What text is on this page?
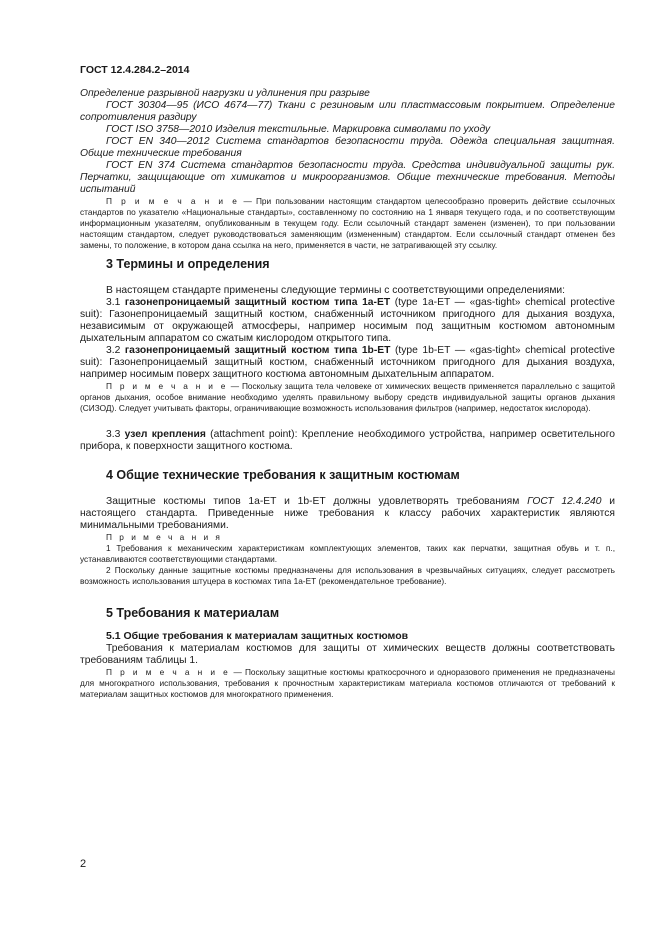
ГОСТ 12.4.284.2–2014

Определение разрывной нагрузки и удлинения при разрыве

ГОСТ 30304—95 (ИСО 4674—77) Ткани с резиновым или пластмассовым покрытием. Определение сопротивления раздиру

ГОСТ ISO 3758—2010 Изделия текстильные. Маркировка символами по уходу

ГОСТ EN 340—2012 Система стандартов безопасности труда. Одежда специальная защитная. Общие технические требования

ГОСТ EN 374 Система стандартов безопасности труда. Средства индивидуальной защиты рук. Перчатки, защищающие от химикатов и микроорганизмов. Общие технические требования. Методы испытаний

П р и м е ч а н и е — При пользовании настоящим стандартом целесообразно проверить действие ссылочных стандартов по указателю «Национальные стандарты», составленному по состоянию на 1 января текущего года, и по соответствующим информационным указателям, опубликованным в текущем году. Если ссылочный стандарт заменен (изменен), то при пользовании настоящим стандартом, следует руководствоваться заменяющим (измененным) стандартом. Если ссылочный стандарт отменен без замены, то положение, в котором дана ссылка на него, применяется в части, не затрагивающей эту ссылку.

3 Термины и определения

В настоящем стандарте применены следующие термины с соответствующими определениями:

3.1 газонепроницаемый защитный костюм типа 1а-ЕТ (type 1a-ET — «gas-tight» chemical protective suit): Газонепроницаемый защитный костюм, снабженный источником пригодного для дыхания воздуха, независимым от окружающей атмосферы, например носимым под защитным костюмом автономным дыхательным аппаратом со сжатым кислородом открытого типа.

3.2 газонепроницаемый защитный костюм типа 1b-ЕТ (type 1b-ET — «gas-tight» chemical protective suit): Газонепроницаемый защитный костюм, снабженный источником пригодного для дыхания воздуха, например носимым поверх защитного костюма автономным дыхательным аппаратом.

П р и м е ч а н и е — Поскольку защита тела человеке от химических веществ применяется параллельно с защитой органов дыхания, особое внимание необходимо уделять правильному выбору средств индивидуальной защиты органов дыхания (СИЗОД). Следует учитывать факторы, ограничивающие возможность использования фильтров (например, недостаток кислорода).

3.3 узел крепления (attachment point): Крепление необходимого устройства, например осветительного прибора, к поверхности защитного костюма.

4 Общие технические требования к защитным костюмам

Защитные костюмы типов 1а-ЕТ и 1b-ЕТ должны удовлетворять требованиям ГОСТ 12.4.240 и настоящего стандарта. Приведенные ниже требования к классу рабочих характеристик являются минимальными требованиями.

П р и м е ч а н и я

1 Требования к механическим характеристикам комплектующих элементов, таких как перчатки, защитная обувь и т. п., устанавливаются соответствующими стандартами.

2 Поскольку данные защитные костюмы предназначены для использования в чрезвычайных ситуациях, следует рассмотреть возможность использования штуцера в костюмах типа 1а-ЕТ (рекомендательное требование).

5 Требования к материалам
5.1 Общие требования к материалам защитных костюмов

Требования к материалам костюмов для защиты от химических веществ должны соответствовать требованиям таблицы 1.

П р и м е ч а н и е — Поскольку защитные костюмы краткосрочного и одноразового применения не предназначены для многократного использования, требования к прочностным характеристикам материала костюмов отличаются от требований к материалам защитных костюмов для многократного применения.

2
